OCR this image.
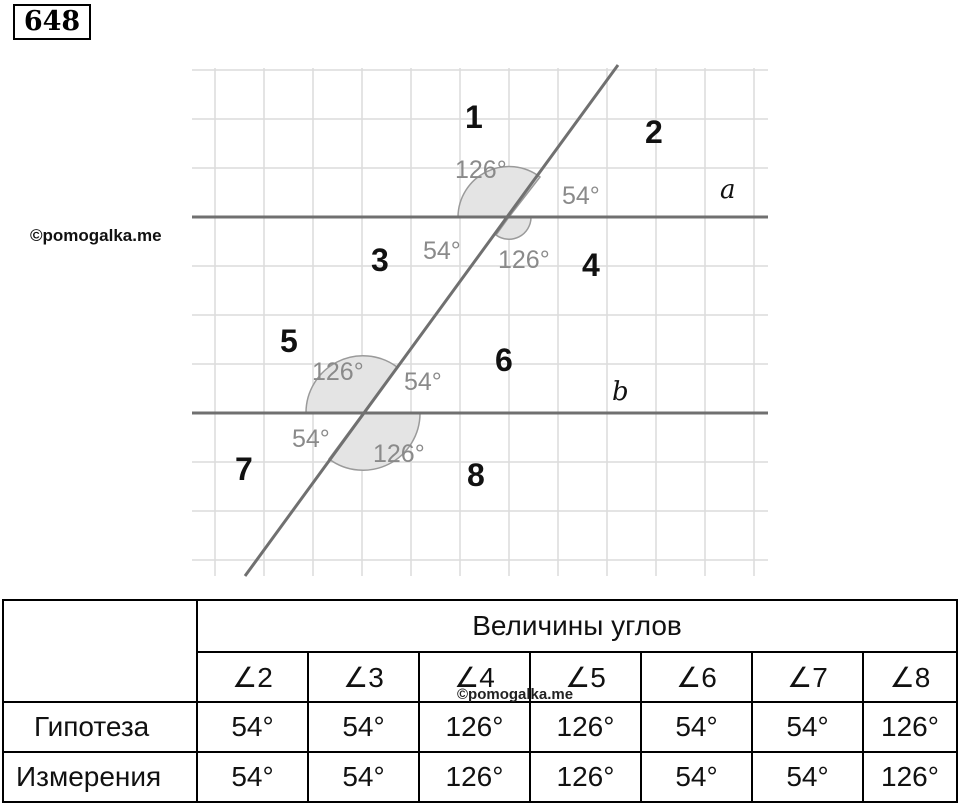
648
a
b
126°
54°
54° 126°
126° 54°
54°
126°
1	2
3	4
5
6
7	8
©pomogalka.me
	Величины углов						
	∠2	∠3	∠4	∠5	∠6	∠7	∠8
Гипотеза	54°	54°	126°	126°	54°	54°	126°
Измерения	54°	54°	126°	126°	54°	54°	126°
©pomogalka.me
